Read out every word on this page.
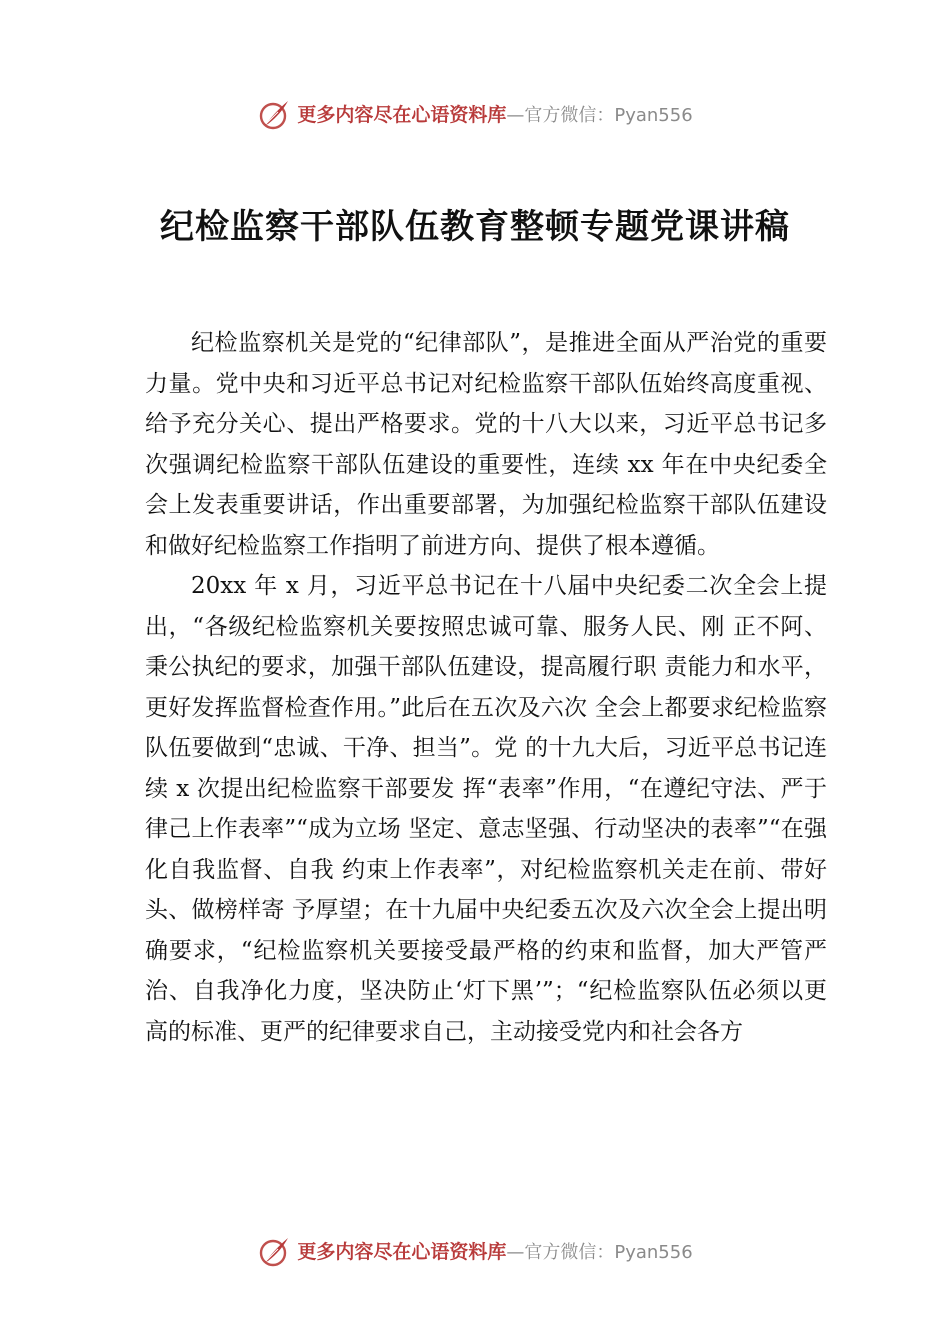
更多内容尽在心语资料库—官方微信：Pyan556
纪检监察干部队伍教育整顿专题党课讲稿

纪检监察机关是党的“纪律部队”，是推进全面从严治党的重要力量。党中央和习近平总书记对纪检监察干部队伍始终高度重视、给予充分关心、提出严格要求。党的十八大以来，习近平总书记多次强调纪检监察干部队伍建设的重要性，连续 xx 年在中央纪委全会上发表重要讲话，作出重要部署，为加强纪检监察干部队伍建设和做好纪检监察工作指明了前进方向、提供了根本遵循。

20xx 年 x 月，习近平总书记在十八届中央纪委二次全会上提出，“各级纪检监察机关要按照忠诚可靠、服务人民、刚 正不阿、秉公执纪的要求，加强干部队伍建设，提高履行职 责能力和水平，更好发挥监督检查作用。”此后在五次及六次 全会上都要求纪检监察队伍要做到“忠诚、干净、担当”。党 的十九大后，习近平总书记连续 x 次提出纪检监察干部要发 挥“表率”作用，“在遵纪守法、严于律己上作表率”“成为立场 坚定、意志坚强、行动坚决的表率”“在强化自我监督、自我 约束上作表率”，对纪检监察机关走在前、带好头、做榜样寄 予厚望；在十九届中央纪委五次及六次全会上提出明确要求，“纪检监察机关要接受最严格的约束和监督，加大严管严治、自我净化力度，坚决防止‘灯下黑’”；“纪检监察队伍必须以更高的标准、更严的纪律要求自己，主动接受党内和社会各方

更多内容尽在心语资料库—官方微信：Pyan556
